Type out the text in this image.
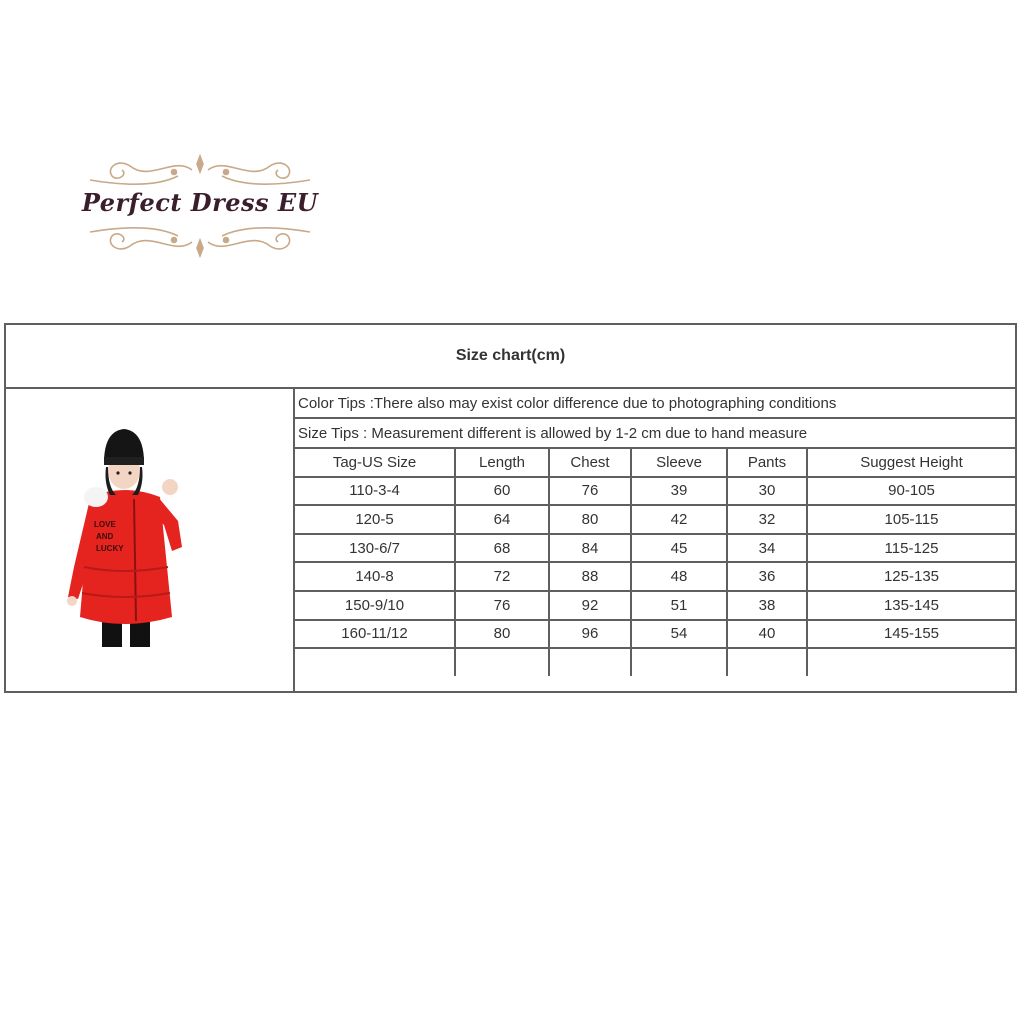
Perfect Dress EU
Size chart(cm)
LOVE
AND
LUCKY
Color Tips :There also may exist color difference due to photographing conditions
Size Tips : Measurement different is allowed by 1-2 cm due to hand measure
Tag-US Size	Length	Chest	Sleeve	Pants	Suggest Height
110-3-4	60	76	39	30	90-105
120-5	64	80	42	32	105-115
130-6/7	68	84	45	34	115-125
140-8	72	88	48	36	125-135
150-9/10	76	92	51	38	135-145
160-11/12	80	96	54	40	145-155
